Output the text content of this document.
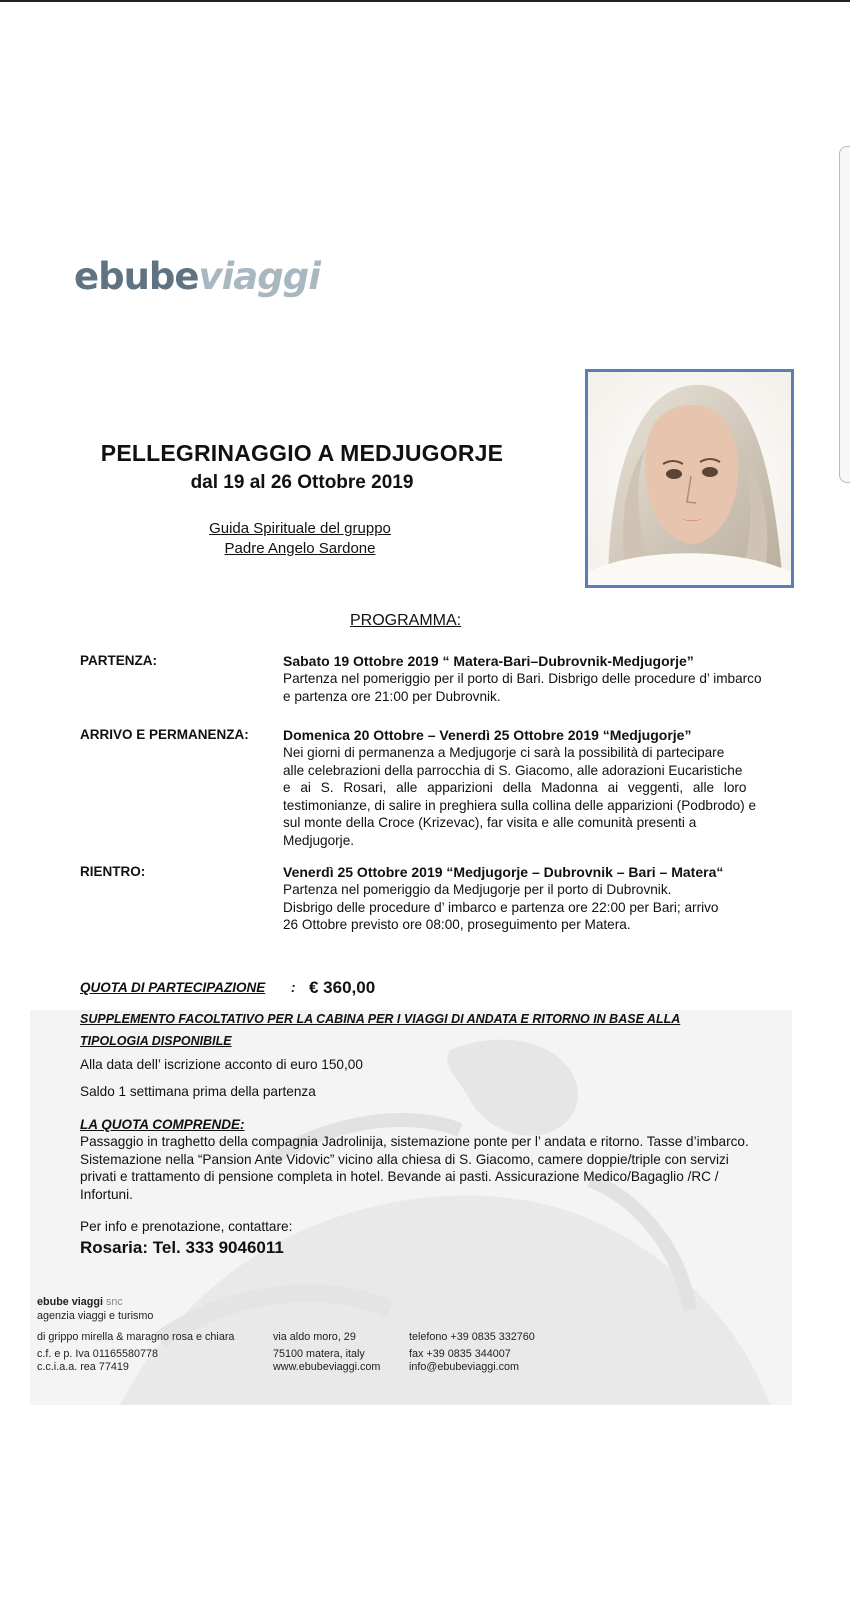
ebubeviaggi
PELLEGRINAGGIO A MEDJUGORJE
dal 19 al 26 Ottobre 2019
Guida Spirituale del gruppo
Padre Angelo Sardone
PROGRAMMA:
PARTENZA:	Sabato 19 Ottobre 2019 “ Matera-Bari–Dubrovnik-Medjugorje”
Partenza nel pomeriggio per il porto di Bari. Disbrigo delle procedure d’ imbarco
e partenza ore 21:00 per Dubrovnik.
ARRIVO E PERMANENZA: Domenica 20 Ottobre – Venerdì 25 Ottobre 2019 “Medjugorje”
Nei giorni di permanenza a Medjugorje ci sarà la possibilità di partecipare
alle celebrazioni della parrocchia di S. Giacomo, alle adorazioni Eucaristiche
e ai S. Rosari, alle apparizioni della Madonna ai veggenti, alle loro
testimonianze, di salire in preghiera sulla collina delle apparizioni (Podbrodo) e
sul monte della Croce (Krizevac), far visita e alle comunità presenti a
Medjugorje.
RIENTRO:	Venerdì 25 Ottobre 2019 “Medjugorje – Dubrovnik – Bari – Matera“
Partenza nel pomeriggio da Medjugorje per il porto di Dubrovnik.
Disbrigo delle procedure d’ imbarco e partenza ore 22:00 per Bari; arrivo
26 Ottobre previsto ore 08:00, proseguimento per Matera.
QUOTA DI PARTECIPAZIONE : € 360,00
SUPPLEMENTO FACOLTATIVO PER LA CABINA PER I VIAGGI DI ANDATA E RITORNO IN BASE ALLA
TIPOLOGIA DISPONIBILE
Alla data dell’ iscrizione acconto di euro 150,00
Saldo 1 settimana prima della partenza
LA QUOTA COMPRENDE:
Passaggio in traghetto della compagnia Jadrolinija, sistemazione ponte per l’ andata e ritorno. Tasse d’imbarco.
Sistemazione nella “Pansion Ante Vidovic” vicino alla chiesa di S. Giacomo, camere doppie/triple con servizi
privati e trattamento di pensione completa in hotel. Bevande ai pasti. Assicurazione Medico/Bagaglio /RC /
Infortuni.
Per info e prenotazione, contattare:
Rosaria: Tel. 333 9046011
ebube viaggi snc
agenzia viaggi e turismo
di grippo mirella & maragno rosa e chiara
c.f. e p. Iva 01165580778
c.c.i.a.a. rea 77419
via aldo moro, 29
75100 matera, italy
www.ebubeviaggi.com
telefono +39 0835 332760
fax +39 0835 344007
info@ebubeviaggi.com
